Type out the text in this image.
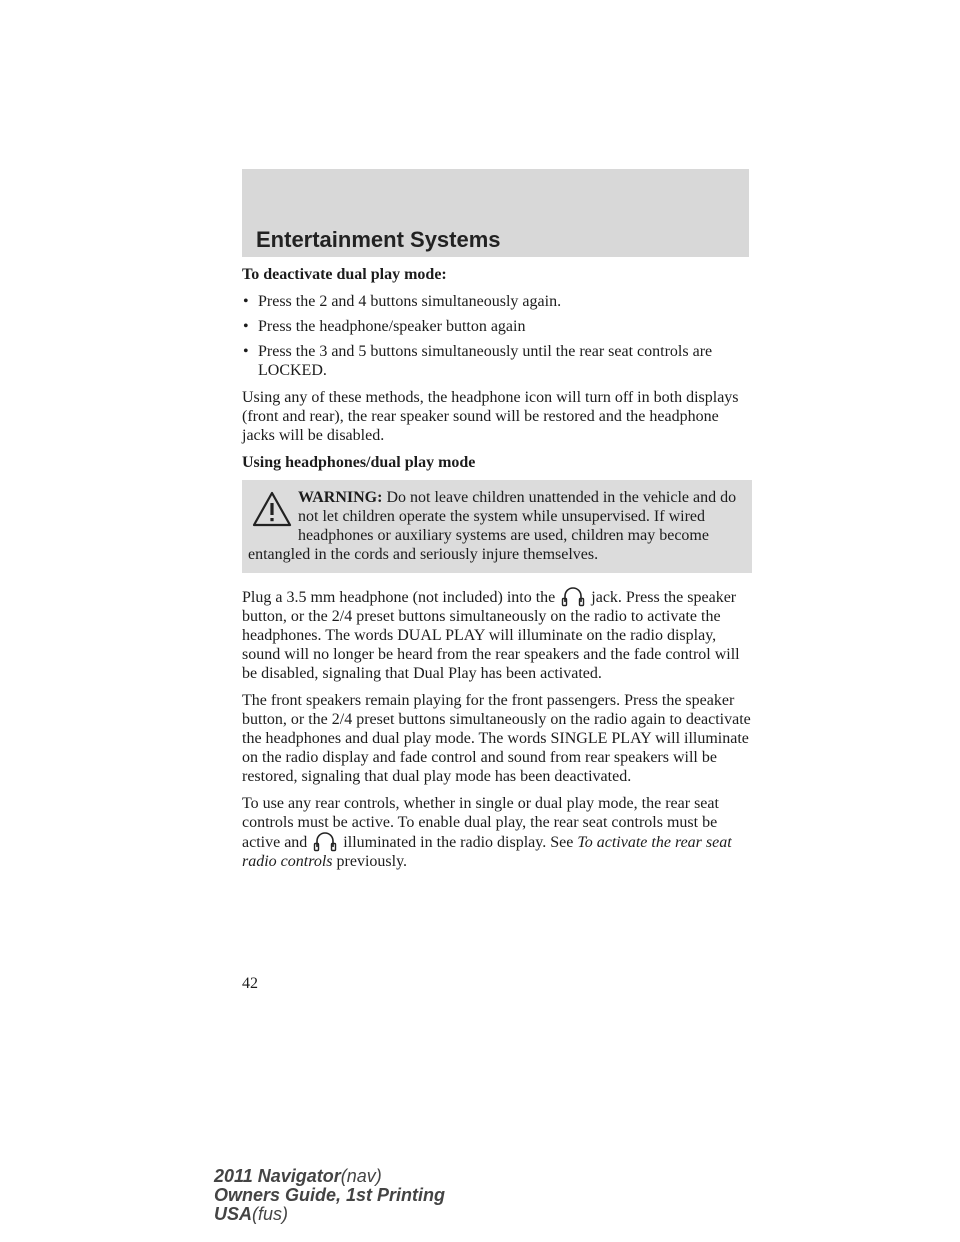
Entertainment Systems

To deactivate dual play mode:

• Press the 2 and 4 buttons simultaneously again.
• Press the headphone/speaker button again
• Press the 3 and 5 buttons simultaneously until the rear seat controls are LOCKED.

Using any of these methods, the headphone icon will turn off in both displays (front and rear), the rear speaker sound will be restored and the headphone jacks will be disabled.

Using headphones/dual play mode

WARNING: Do not leave children unattended in the vehicle and do not let children operate the system while unsupervised. If wired headphones or auxiliary systems are used, children may become entangled in the cords and seriously injure themselves.

Plug a 3.5 mm headphone (not included) into the jack. Press the speaker button, or the 2/4 preset buttons simultaneously on the radio to activate the headphones. The words DUAL PLAY will illuminate on the radio display, sound will no longer be heard from the rear speakers and the fade control will be disabled, signaling that Dual Play has been activated.

The front speakers remain playing for the front passengers. Press the speaker button, or the 2/4 preset buttons simultaneously on the radio again to deactivate the headphones and dual play mode. The words SINGLE PLAY will illuminate on the radio display and fade control and sound from rear speakers will be restored, signaling that dual play mode has been deactivated.

To use any rear controls, whether in single or dual play mode, the rear seat controls must be active. To enable dual play, the rear seat controls must be active and illuminated in the radio display. See To activate the rear seat radio controls previously.

42
2011 Navigator(nav)
Owners Guide, 1st Printing
USA(fus)
